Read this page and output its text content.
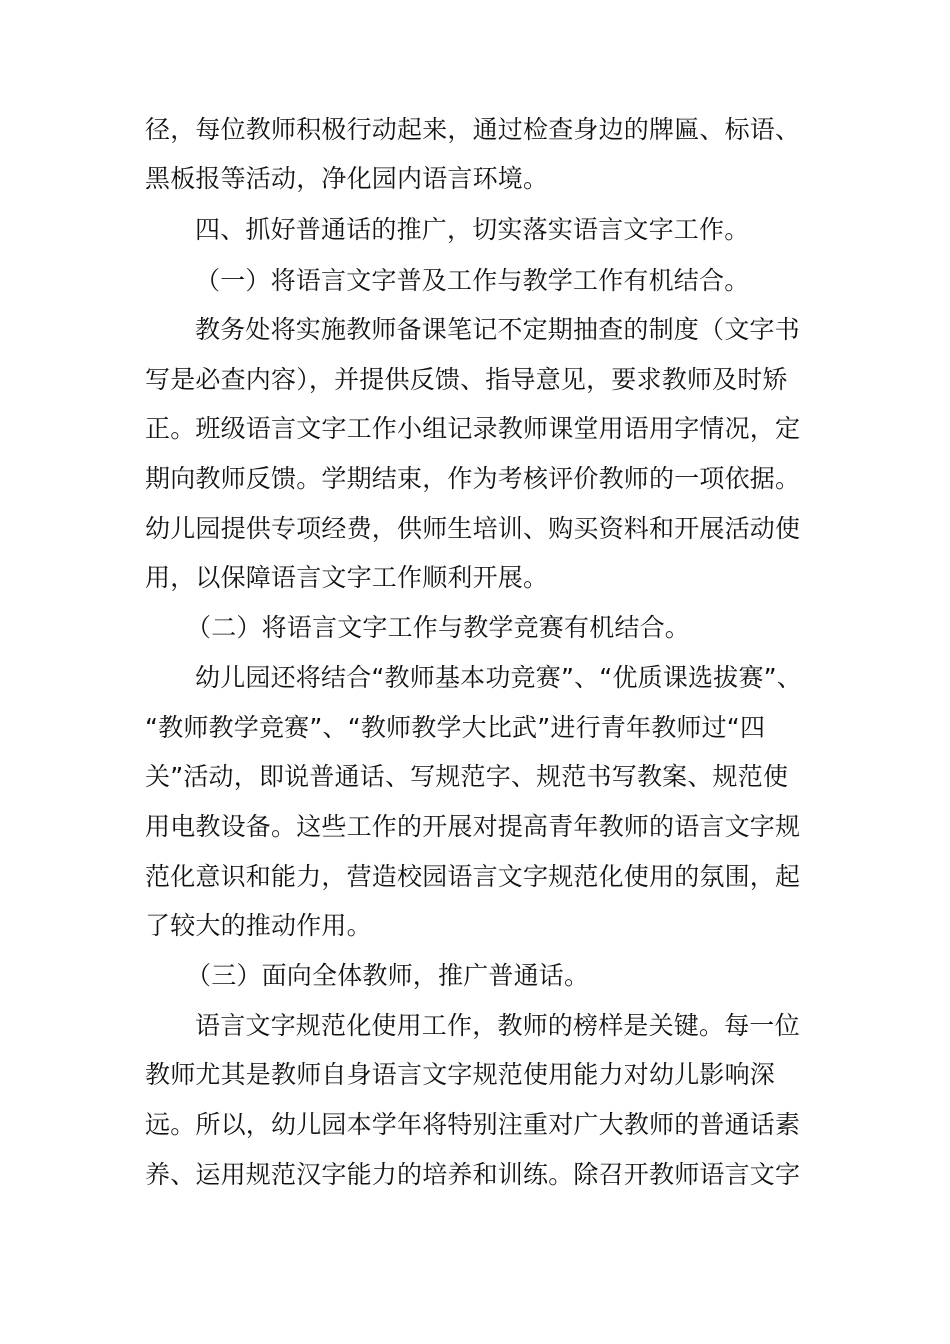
径，每位教师积极行动起来，通过检查身边的牌匾、标语、
黑板报等活动，净化园内语言环境。
四、抓好普通话的推广，切实落实语言文字工作。
（一）将语言文字普及工作与教学工作有机结合。
教务处将实施教师备课笔记不定期抽查的制度（文字书
写是必查内容），并提供反馈、指导意见，要求教师及时矫
正。班级语言文字工作小组记录教师课堂用语用字情况，定
期向教师反馈。学期结束，作为考核评价教师的一项依据。
幼儿园提供专项经费，供师生培训、购买资料和开展活动使
用，以保障语言文字工作顺利开展。
（二）将语言文字工作与教学竞赛有机结合。
幼儿园还将结合“教师基本功竞赛”、“优质课选拔赛”、
“教师教学竞赛”、“教师教学大比武”进行青年教师过“四
关”活动，即说普通话、写规范字、规范书写教案、规范使
用电教设备。这些工作的开展对提高青年教师的语言文字规
范化意识和能力，营造校园语言文字规范化使用的氛围，起
了较大的推动作用。
（三）面向全体教师，推广普通话。
语言文字规范化使用工作，教师的榜样是关键。每一位
教师尤其是教师自身语言文字规范使用能力对幼儿影响深
远。所以，幼儿园本学年将特别注重对广大教师的普通话素
养、运用规范汉字能力的培养和训练。除召开教师语言文字
